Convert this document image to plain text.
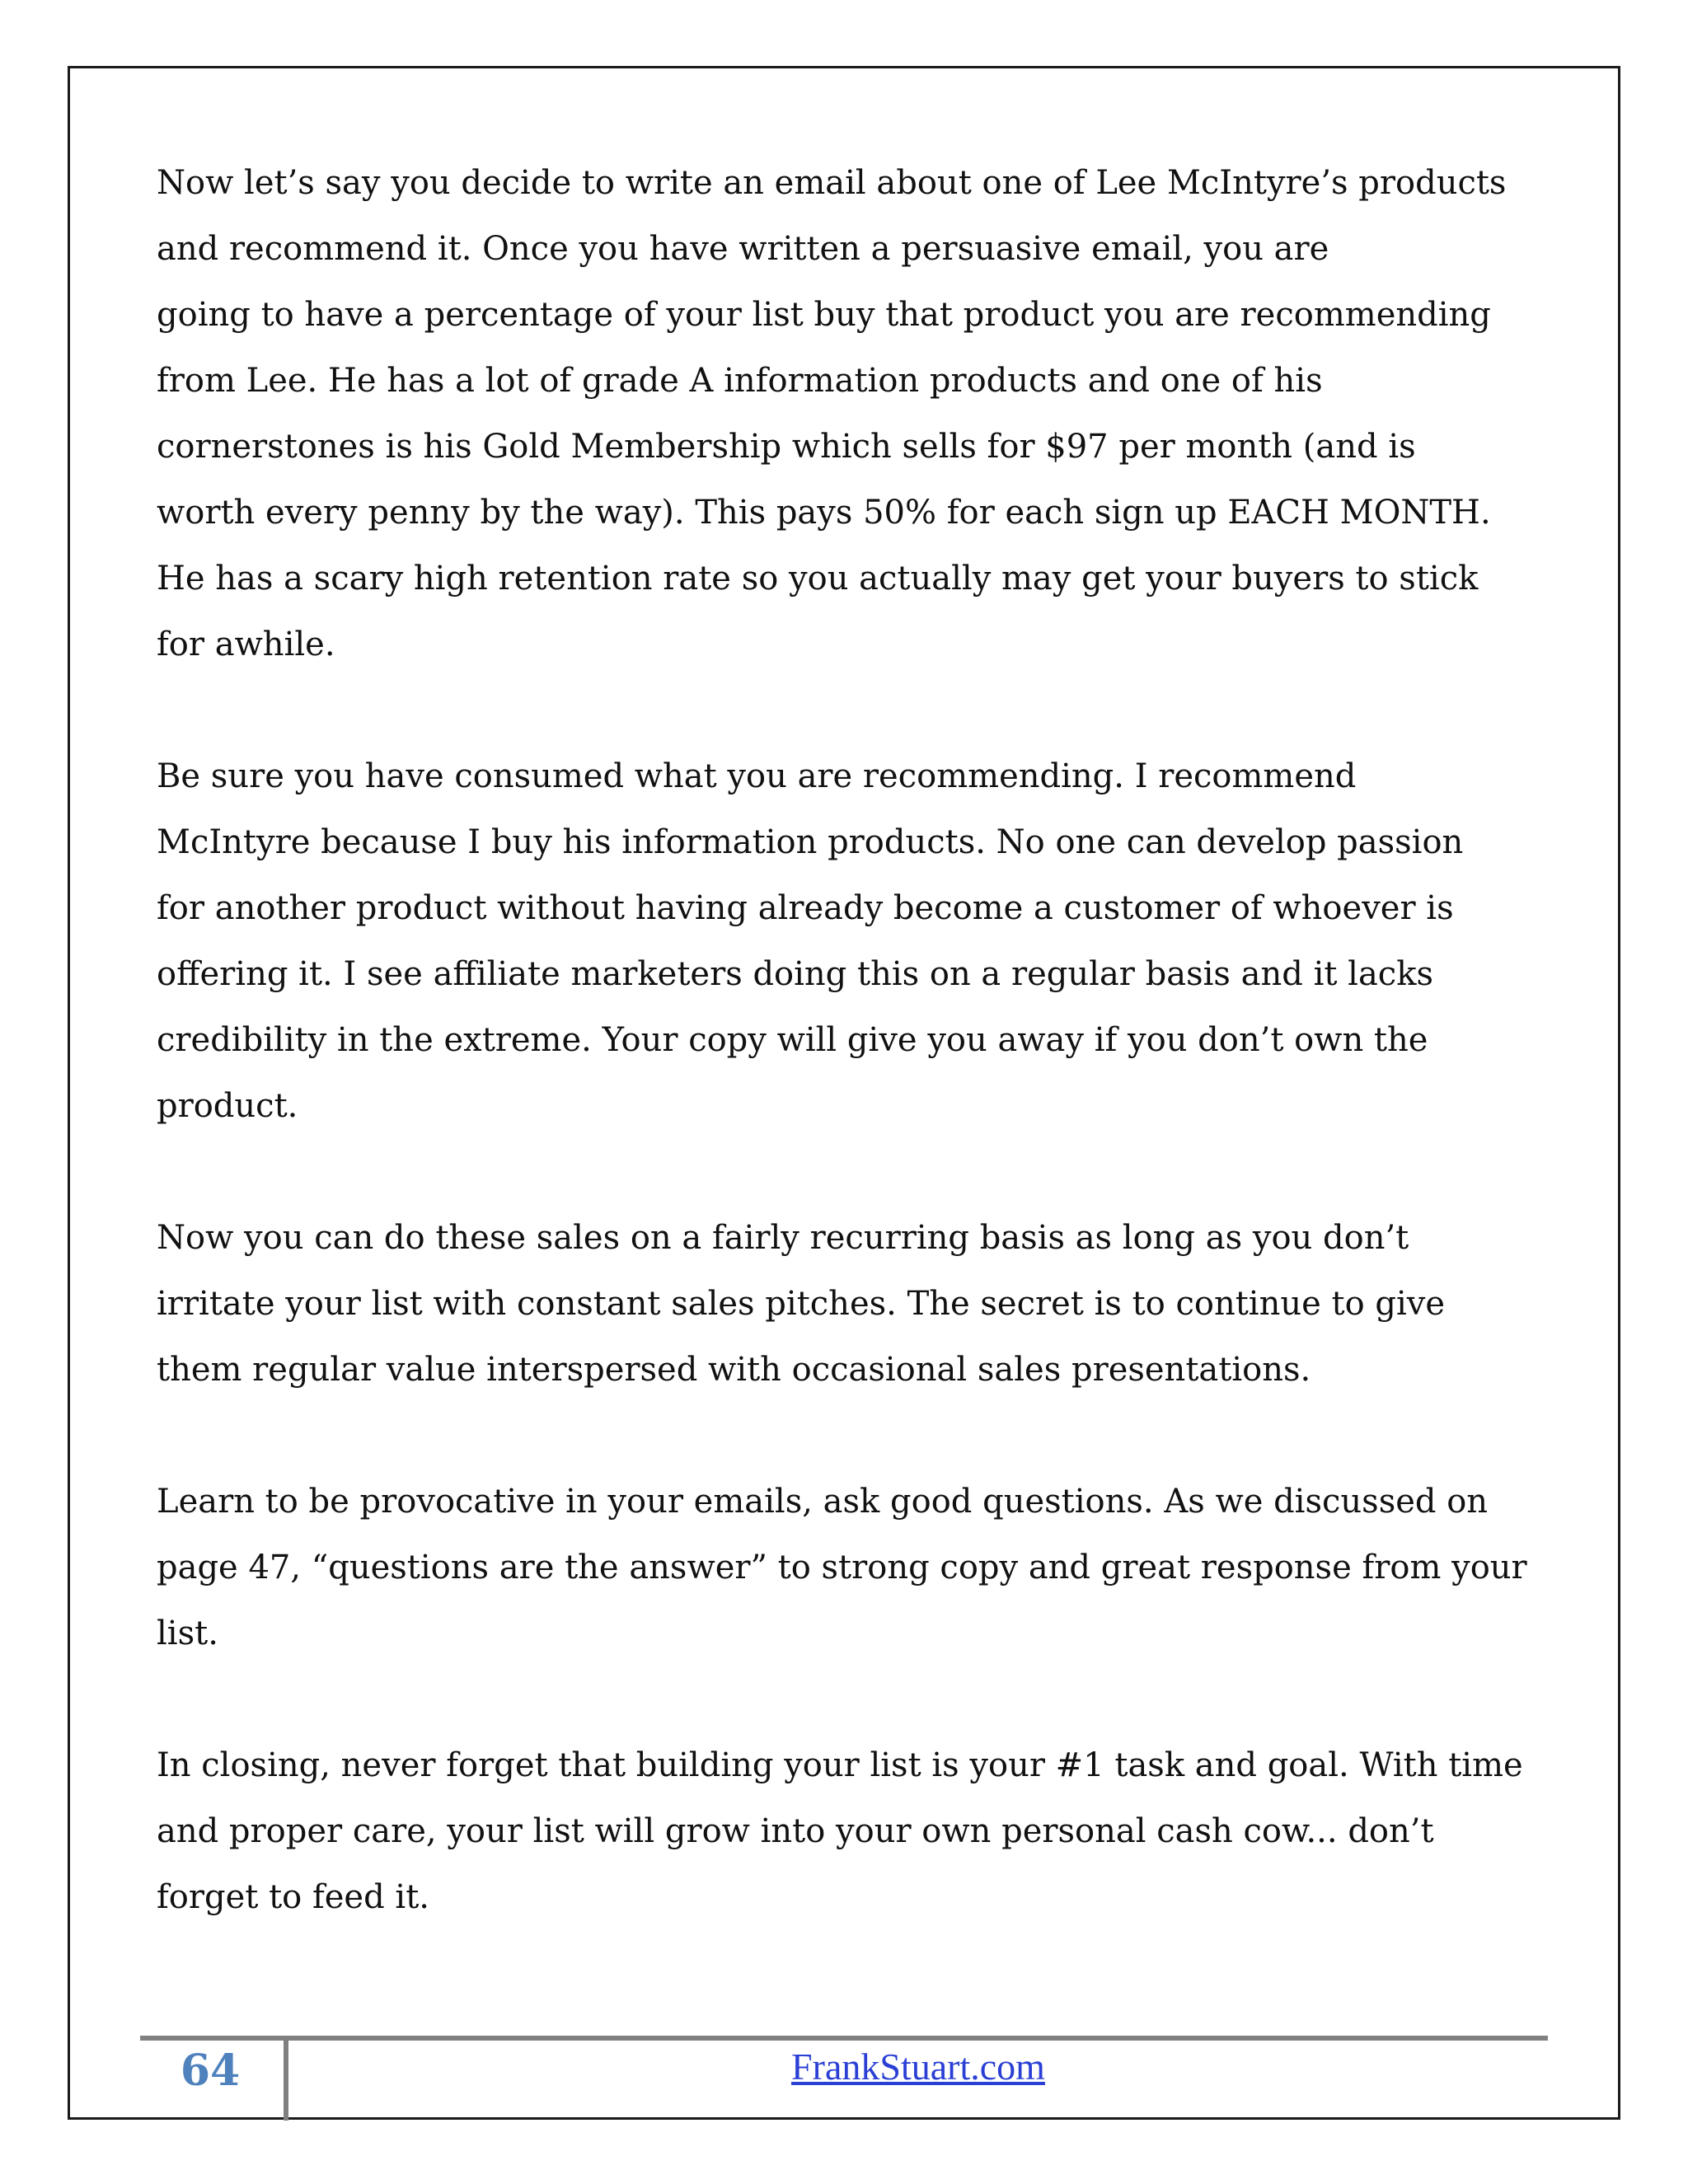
Now let’s say you decide to write an email about one of Lee McIntyre’s products
and recommend it. Once you have written a persuasive email, you are
going to have a percentage of your list buy that product you are recommending
from Lee. He has a lot of grade A information products and one of his
cornerstones is his Gold Membership which sells for $97 per month (and is
worth every penny by the way). This pays 50% for each sign up EACH MONTH.
He has a scary high retention rate so you actually may get your buyers to stick
for awhile.

Be sure you have consumed what you are recommending. I recommend
McIntyre because I buy his information products. No one can develop passion
for another product without having already become a customer of whoever is
offering it. I see affiliate marketers doing this on a regular basis and it lacks
credibility in the extreme. Your copy will give you away if you don’t own the
product.

Now you can do these sales on a fairly recurring basis as long as you don’t
irritate your list with constant sales pitches. The secret is to continue to give
them regular value interspersed with occasional sales presentations.

Learn to be provocative in your emails, ask good questions. As we discussed on
page 47, “questions are the answer” to strong copy and great response from your
list.

In closing, never forget that building your list is your #1 task and goal. With time
and proper care, your list will grow into your own personal cash cow... don’t
forget to feed it.

64	FrankStuart.com
